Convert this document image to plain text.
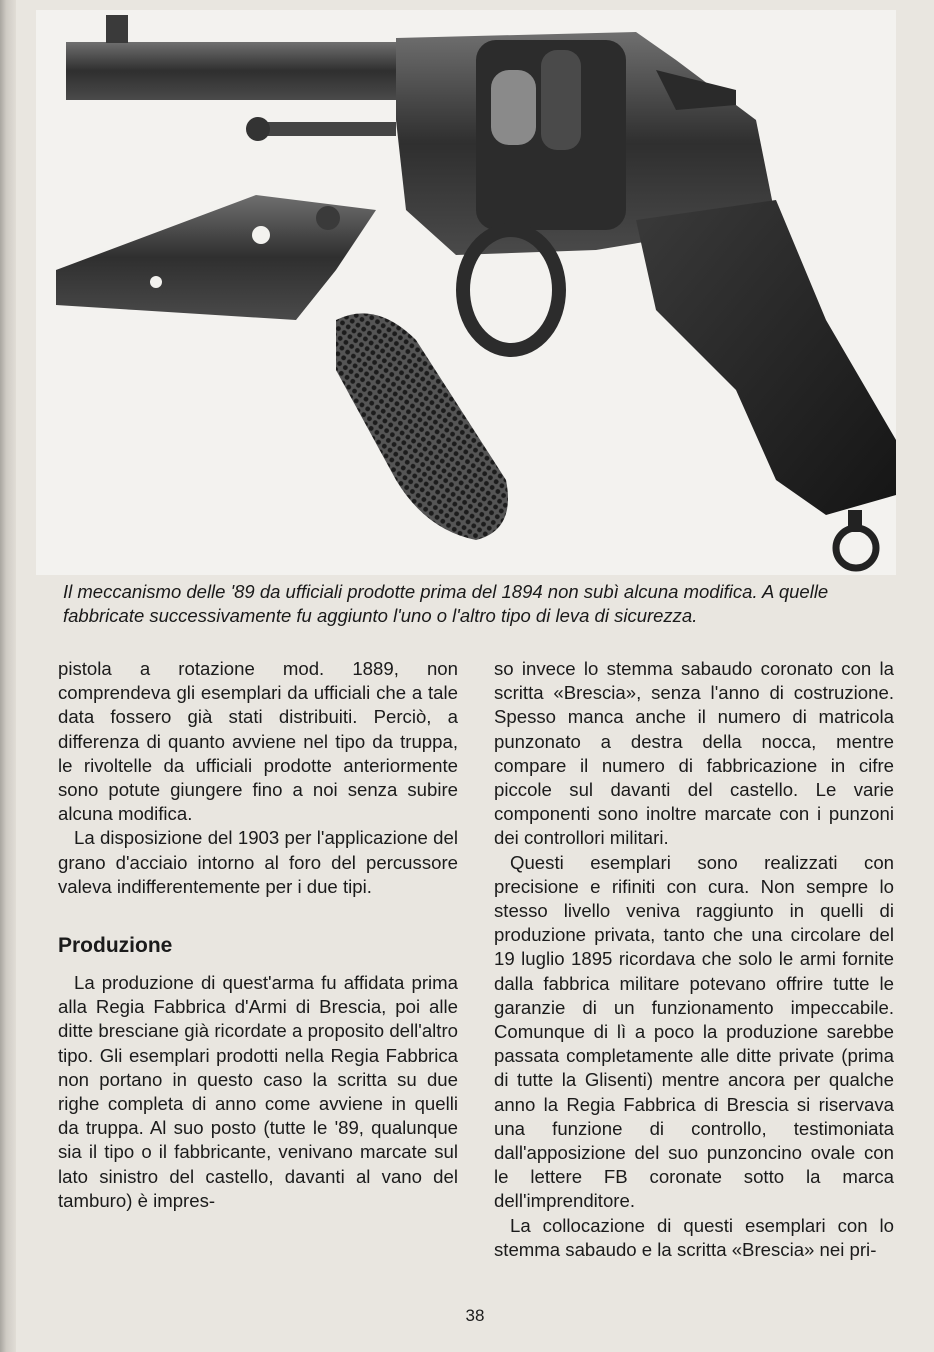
Il meccanismo delle '89 da ufficiali prodotte prima del 1894 non subì alcuna modifica. A quelle fabbricate successivamente fu aggiunto l'uno o l'altro tipo di leva di sicurezza.

pistola a rotazione mod. 1889, non comprendeva gli esemplari da ufficiali che a tale data fossero già stati distribuiti. Perciò, a differenza di quanto avviene nel tipo da truppa, le rivoltelle da ufficiali prodotte anteriormente sono potute giungere fino a noi senza subire alcuna modifica.

La disposizione del 1903 per l'applicazione del grano d'acciaio intorno al foro del percussore valeva indifferentemente per i due tipi.

Produzione

La produzione di quest'arma fu affidata prima alla Regia Fabbrica d'Armi di Brescia, poi alle ditte bresciane già ricordate a proposito dell'altro tipo. Gli esemplari prodotti nella Regia Fabbrica non portano in questo caso la scritta su due righe completa di anno come avviene in quelli da truppa. Al suo posto (tutte le '89, qualunque sia il tipo o il fabbricante, venivano marcate sul lato sinistro del castello, davanti al vano del tamburo) è impres-

so invece lo stemma sabaudo coronato con la scritta «Brescia», senza l'anno di costruzione. Spesso manca anche il numero di matricola punzonato a destra della nocca, mentre compare il numero di fabbricazione in cifre piccole sul davanti del castello. Le varie componenti sono inoltre marcate con i punzoni dei controllori militari.

Questi esemplari sono realizzati con precisione e rifiniti con cura. Non sempre lo stesso livello veniva raggiunto in quelli di produzione privata, tanto che una circolare del 19 luglio 1895 ricordava che solo le armi fornite dalla fabbrica militare potevano offrire tutte le garanzie di un funzionamento impeccabile. Comunque di lì a poco la produzione sarebbe passata completamente alle ditte private (prima di tutte la Glisenti) mentre ancora per qualche anno la Regia Fabbrica di Brescia si riservava una funzione di controllo, testimoniata dall'apposizione del suo punzoncino ovale con le lettere FB coronate sotto la marca dell'imprenditore.

La collocazione di questi esemplari con lo stemma sabaudo e la scritta «Brescia» nei pri-

38
